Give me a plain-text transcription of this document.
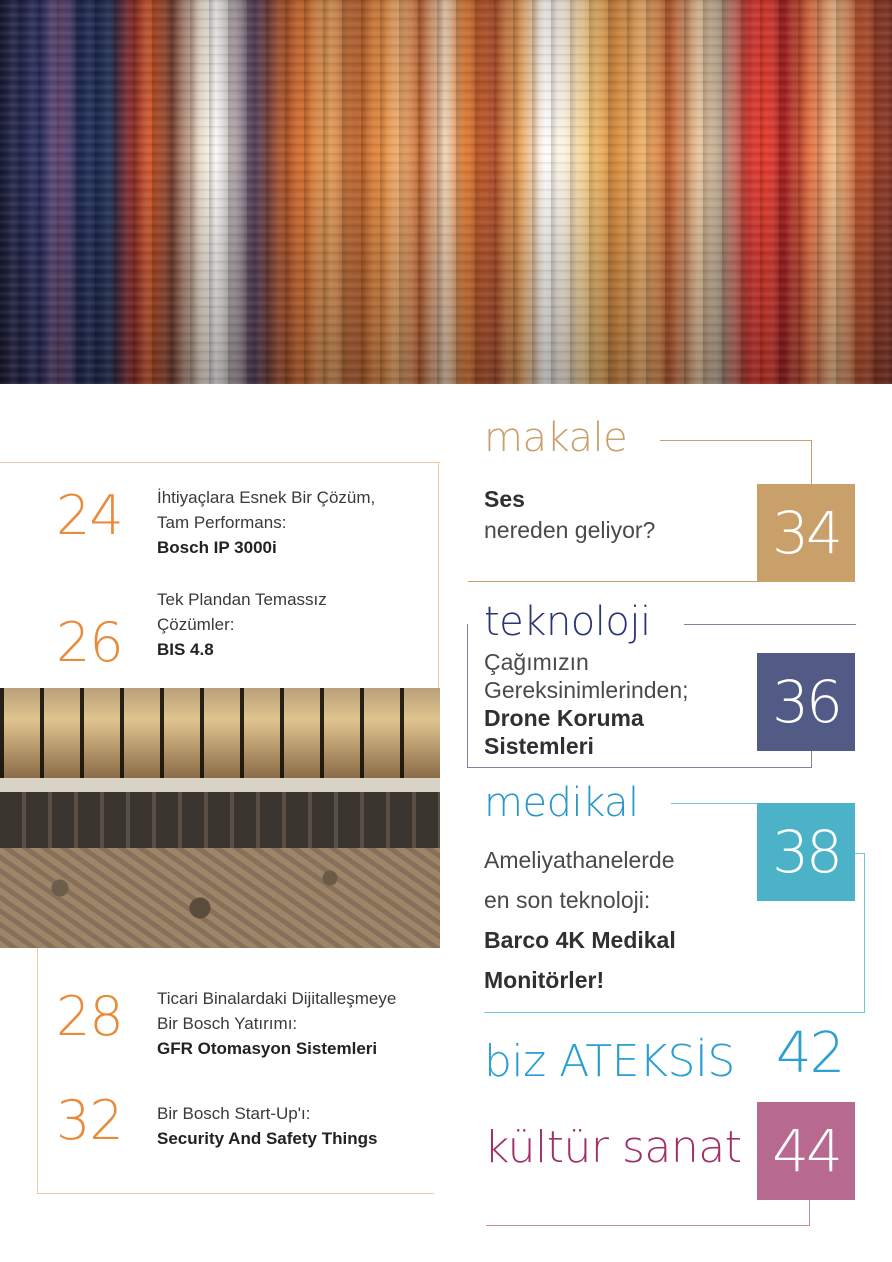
24 İhtiyaçlara Esnek Bir Çözüm,
Tam Performans:
Bosch IP 3000i
26
Tek Plandan Temassız
Çözümler:
BIS 4.8
28 Ticari Binalardaki Dijitalleşmeye
Bir Bosch Yatırımı:
GFR Otomasyon Sistemleri
32 Bir Bosch Start-Up'ı:
Security And Safety Things
makale
Ses
nereden geliyor? 34
teknoloji
Çağımızın
Gereksinimlerinden;
Drone Koruma
Sistemleri
36
medikal
Ameliyathanelerde
en son teknoloji:
Barco 4K Medikal
Monitörler!
38
biz ATEKSİS 42
kültür sanat 44
